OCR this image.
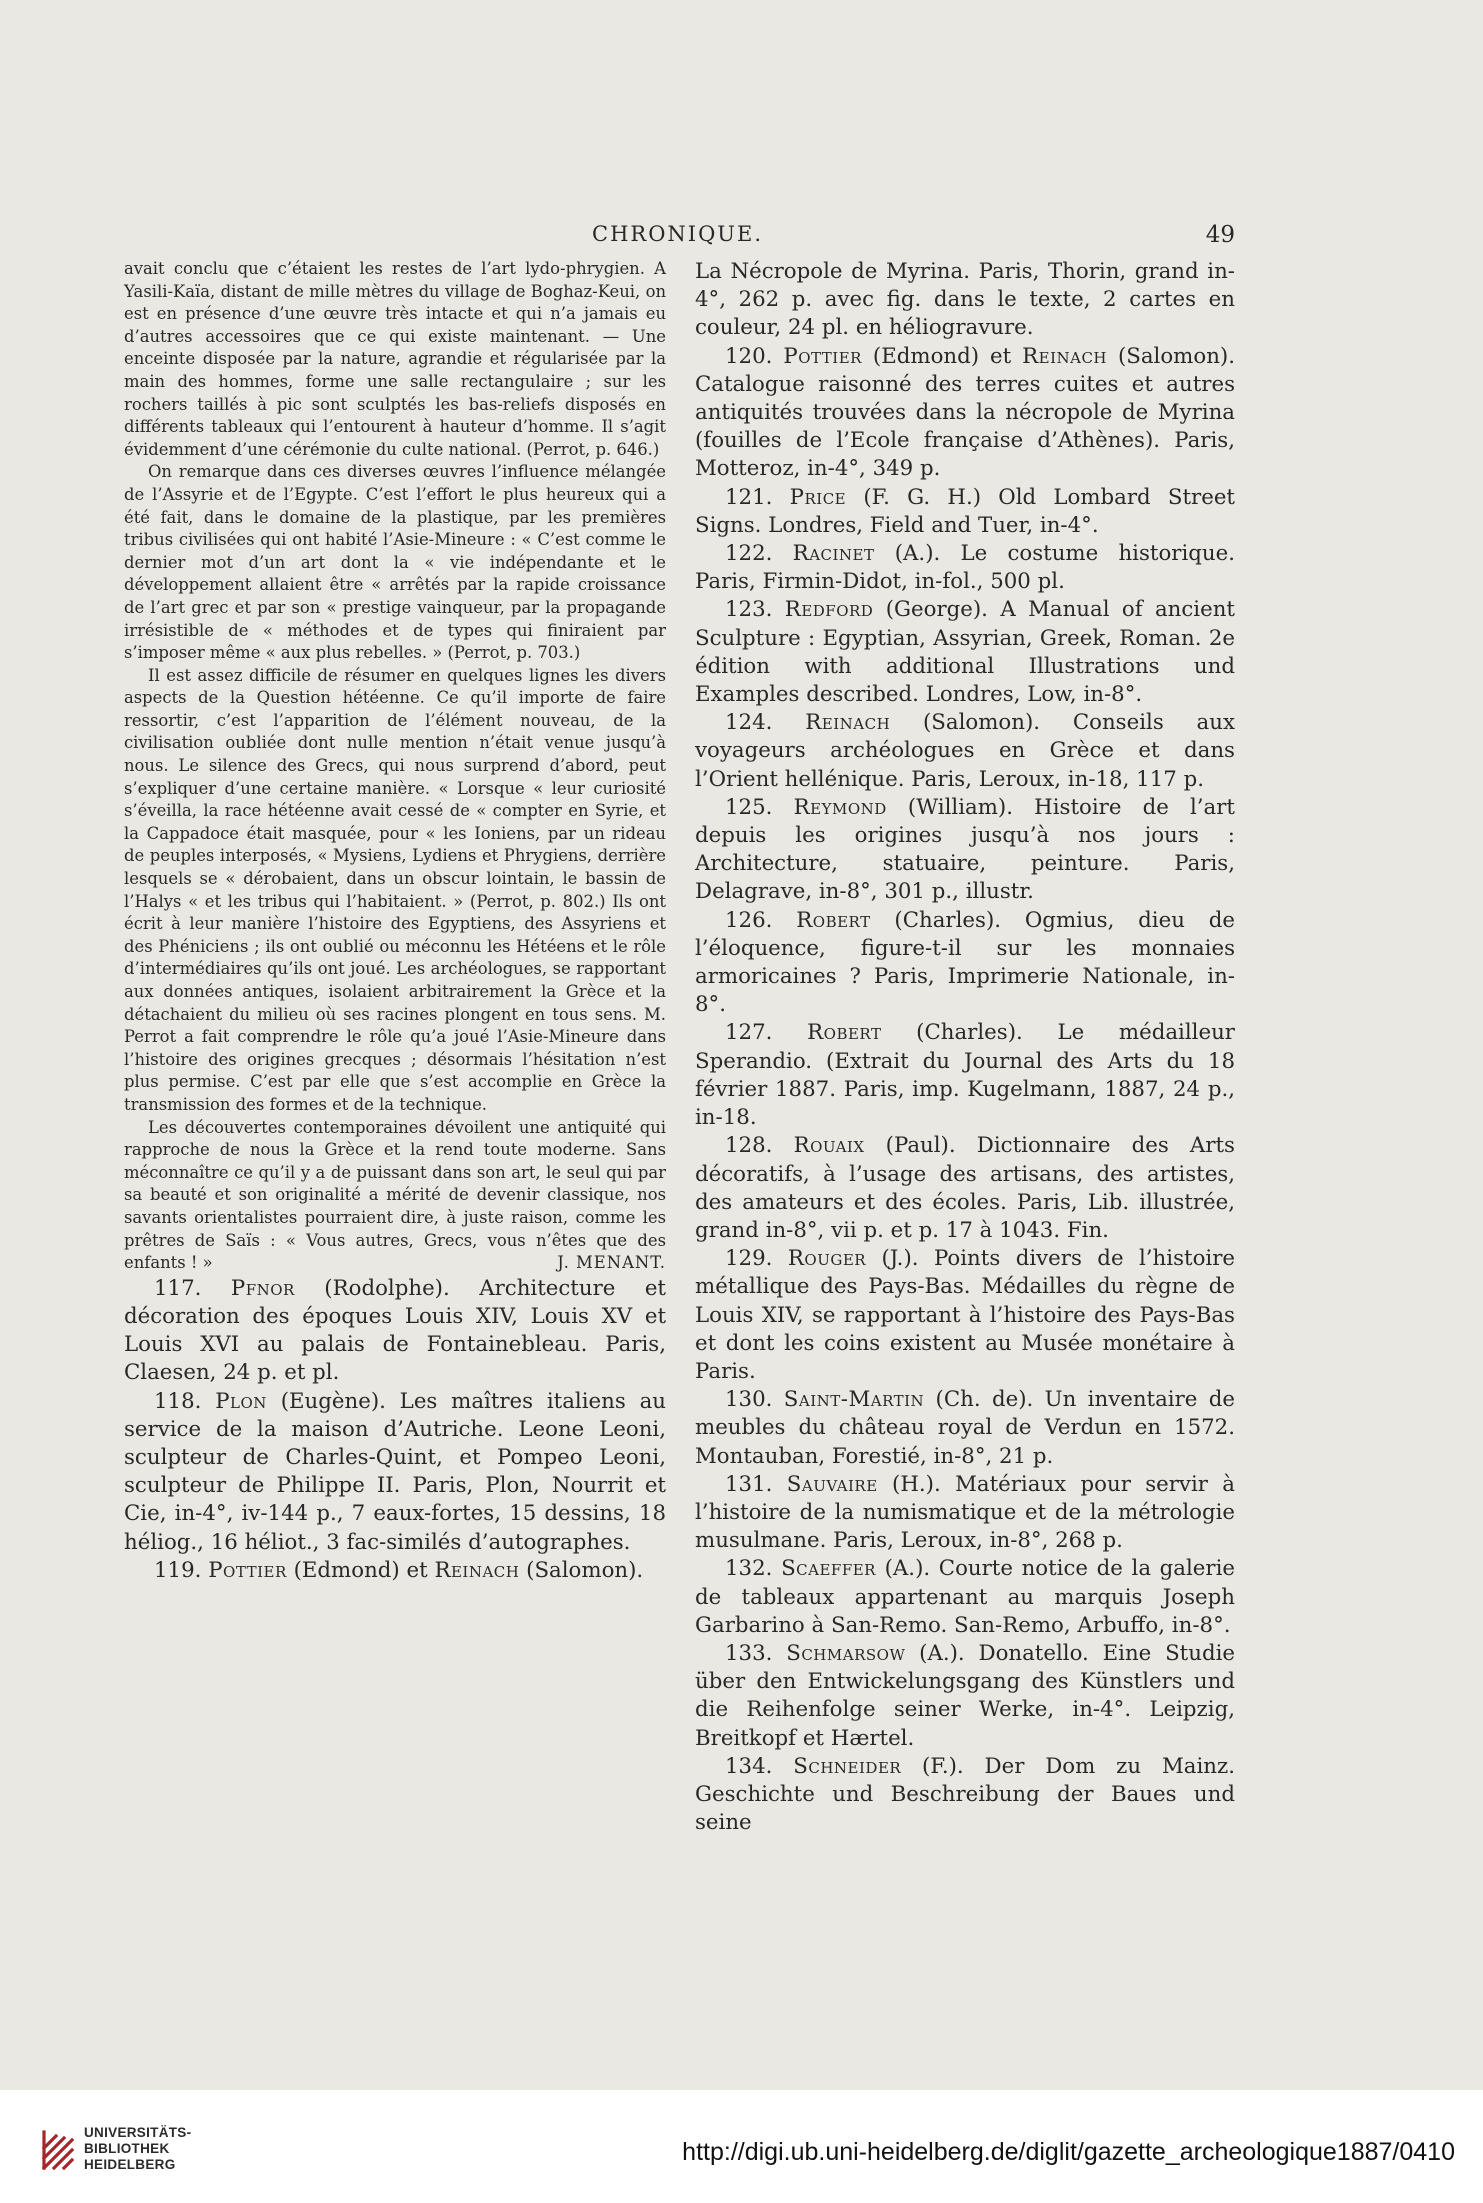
CHRONIQUE.	49

avait conclu que c’étaient les restes de l’art lydo-phrygien. A Yasili-Kaïa, distant de mille mètres du village de Boghaz-Keui, on est en présence d’une œuvre très intacte et qui n’a jamais eu d’autres accessoires que ce qui existe maintenant. — Une enceinte disposée par la nature, agrandie et régularisée par la main des hommes, forme une salle rectangulaire ; sur les rochers taillés à pic sont sculptés les bas-reliefs disposés en différents tableaux qui l’entourent à hauteur d’homme. Il s’agit évidemment d’une cérémonie du culte national. (Perrot, p. 646.)

On remarque dans ces diverses œuvres l’influence mélangée de l’Assyrie et de l’Egypte. C’est l’effort le plus heureux qui a été fait, dans le domaine de la plastique, par les premières tribus civilisées qui ont habité l’Asie-Mineure : « C’est comme le dernier mot d’un art dont la « vie indépendante et le développement allaient être « arrêtés par la rapide croissance de l’art grec et par son « prestige vainqueur, par la propagande irrésistible de « méthodes et de types qui finiraient par s’imposer même « aux plus rebelles. » (Perrot, p. 703.)

Il est assez difficile de résumer en quelques lignes les divers aspects de la Question hétéenne. Ce qu’il importe de faire ressortir, c’est l’apparition de l’élément nouveau, de la civilisation oubliée dont nulle mention n’était venue jusqu’à nous. Le silence des Grecs, qui nous surprend d’abord, peut s’expliquer d’une certaine manière. « Lorsque « leur curiosité s’éveilla, la race hétéenne avait cessé de « compter en Syrie, et la Cappadoce était masquée, pour « les Ioniens, par un rideau de peuples interposés, « Mysiens, Lydiens et Phrygiens, derrière lesquels se « dérobaient, dans un obscur lointain, le bassin de l’Halys « et les tribus qui l’habitaient. » (Perrot, p. 802.) Ils ont écrit à leur manière l’histoire des Egyptiens, des Assyriens et des Phéniciens ; ils ont oublié ou méconnu les Hétéens et le rôle d’intermédiaires qu’ils ont joué. Les archéologues, se rapportant aux données antiques, isolaient arbitrairement la Grèce et la détachaient du milieu où ses racines plongent en tous sens. M. Perrot a fait comprendre le rôle qu’a joué l’Asie-Mineure dans l’histoire des origines grecques ; désormais l’hésitation n’est plus permise. C’est par elle que s’est accomplie en Grèce la transmission des formes et de la technique.

Les découvertes contemporaines dévoilent une antiquité qui rapproche de nous la Grèce et la rend toute moderne. Sans méconnaître ce qu’il y a de puissant dans son art, le seul qui par sa beauté et son originalité a mérité de devenir classique, nos savants orientalistes pourraient dire, à juste raison, comme les prêtres de Saïs : « Vous autres, Grecs, vous n’êtes que des enfants ! »	J. MENANT.

117. Pfnor (Rodolphe). Architecture et décoration des époques Louis XIV, Louis XV et Louis XVI au palais de Fontainebleau. Paris, Claesen, 24 p. et pl.

118. Plon (Eugène). Les maîtres italiens au service de la maison d’Autriche. Leone Leoni, sculpteur de Charles-Quint, et Pompeo Leoni, sculpteur de Philippe II. Paris, Plon, Nourrit et Cie, in-4°, iv-144 p., 7 eaux-fortes, 15 dessins, 18 héliog., 16 héliot., 3 fac-similés d’autographes.

119. Pottier (Edmond) et Reinach (Salomon).

La Nécropole de Myrina. Paris, Thorin, grand in-4°, 262 p. avec fig. dans le texte, 2 cartes en couleur, 24 pl. en héliogravure.

120. Pottier (Edmond) et Reinach (Salomon). Catalogue raisonné des terres cuites et autres antiquités trouvées dans la nécropole de Myrina (fouilles de l’Ecole française d’Athènes). Paris, Motteroz, in-4°, 349 p.

121. Price (F. G. H.) Old Lombard Street Signs. Londres, Field and Tuer, in-4°.

122. Racinet (A.). Le costume historique. Paris, Firmin-Didot, in-fol., 500 pl.

123. Redford (George). A Manual of ancient Sculpture : Egyptian, Assyrian, Greek, Roman. 2e édition with additional Illustrations und Examples described. Londres, Low, in-8°.

124. Reinach (Salomon). Conseils aux voyageurs archéologues en Grèce et dans l’Orient hellénique. Paris, Leroux, in-18, 117 p.

125. Reymond (William). Histoire de l’art depuis les origines jusqu’à nos jours : Architecture, statuaire, peinture. Paris, Delagrave, in-8°, 301 p., illustr.

126. Robert (Charles). Ogmius, dieu de l’éloquence, figure-t-il sur les monnaies armoricaines ? Paris, Imprimerie Nationale, in-8°.

127. Robert (Charles). Le médailleur Sperandio. (Extrait du Journal des Arts du 18 février 1887. Paris, imp. Kugelmann, 1887, 24 p., in-18.

128. Rouaix (Paul). Dictionnaire des Arts décoratifs, à l’usage des artisans, des artistes, des amateurs et des écoles. Paris, Lib. illustrée, grand in-8°, vii p. et p. 17 à 1043. Fin.

129. Rouger (J.). Points divers de l’histoire métallique des Pays-Bas. Médailles du règne de Louis XIV, se rapportant à l’histoire des Pays-Bas et dont les coins existent au Musée monétaire à Paris.

130. Saint-Martin (Ch. de). Un inventaire de meubles du château royal de Verdun en 1572. Montauban, Forestié, in-8°, 21 p.

131. Sauvaire (H.). Matériaux pour servir à l’histoire de la numismatique et de la métrologie musulmane. Paris, Leroux, in-8°, 268 p.

132. Scaeffer (A.). Courte notice de la galerie de tableaux appartenant au marquis Joseph Garbarino à San-Remo. San-Remo, Arbuffo, in-8°.

133. Schmarsow (A.). Donatello. Eine Studie über den Entwickelungsgang des Künstlers und die Reihenfolge seiner Werke, in-4°. Leipzig, Breitkopf et Hærtel.

134. Schneider (F.). Der Dom zu Mainz. Geschichte und Beschreibung der Baues und seine

UNIVERSITÄTS-
BIBLIOTHEK
HEIDELBERG	http://digi.ub.uni-heidelberg.de/diglit/gazette_archeologique1887/0410
